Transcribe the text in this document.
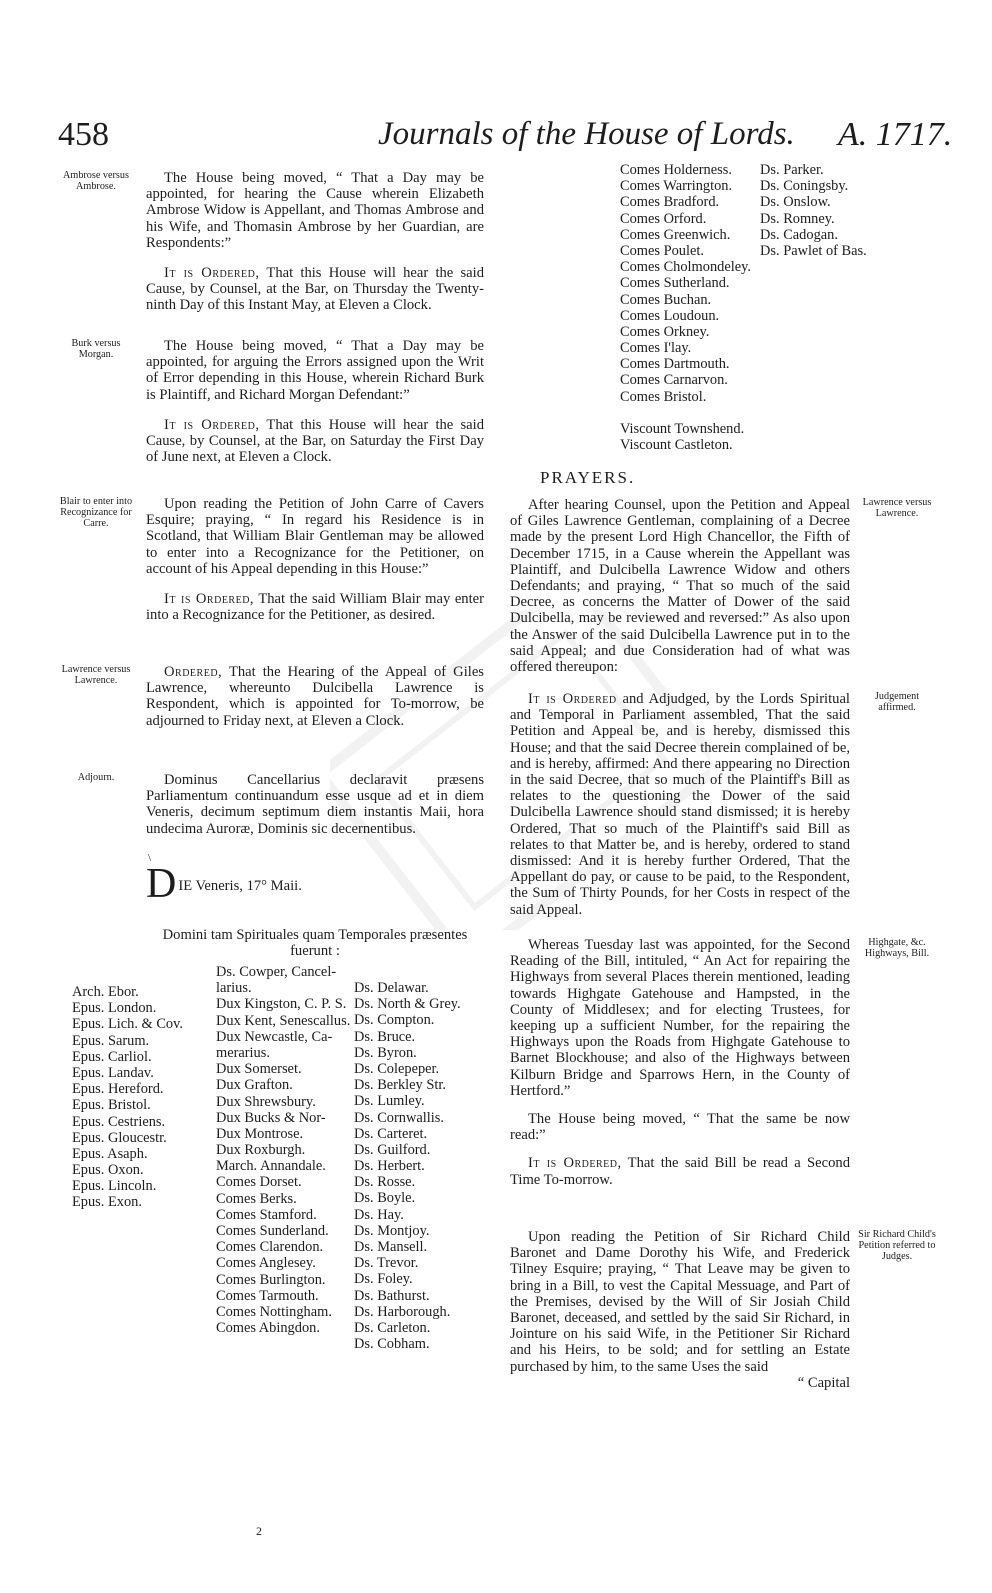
458	Journals of the House of Lords. A. 1717.
Ambrose versus Ambrose.

The House being moved, “ That a Day may be appointed, for hearing the Cause wherein Elizabeth Ambrose Widow is Appellant, and Thomas Ambrose and his Wife, and Thomasin Ambrose by her Guardian, are Respondents:”

It is Ordered, That this House will hear the said Cause, by Counsel, at the Bar, on Thursday the Twenty-ninth Day of this Instant May, at Eleven a Clock.

Burk versus Morgan.

The House being moved, “ That a Day may be appointed, for arguing the Errors assigned upon the Writ of Error depending in this House, wherein Richard Burk is Plaintiff, and Richard Morgan Defendant:”

It is Ordered, That this House will hear the said Cause, by Counsel, at the Bar, on Saturday the First Day of June next, at Eleven a Clock.

Blair to enter into Recognizance for Carre.

Upon reading the Petition of John Carre of Cavers Esquire; praying, “ In regard his Residence is in Scotland, that William Blair Gentleman may be allowed to enter into a Recognizance for the Petitioner, on account of his Appeal depending in this House:”

It is Ordered, That the said William Blair may enter into a Recognizance for the Petitioner, as desired.

Lawrence versus Lawrence.

Ordered, That the Hearing of the Appeal of Giles Lawrence, whereunto Dulcibella Lawrence is Respondent, which is appointed for To-morrow, be adjourned to Friday next, at Eleven a Clock.

Adjourn.	Dominus Cancellarius declaravit præsens Parliamentum continuandum esse usque ad et in diem Veneris, decimum septimum diem instantis Maii, hora undecima Auroræ, Dominis sic decernentibus.

\
D IE Veneris, 17° Maii.
Domini tam Spirituales quam Temporales præsentes fuerunt :
Arch. Ebor.
Epus. London.
Epus. Lich. & Cov.
Epus. Sarum.
Epus. Carliol.
Epus. Landav.
Epus. Hereford.
Epus. Bristol.
Epus. Cestriens.
Epus. Gloucestr.
Epus. Asaph.
Epus. Oxon.
Epus. Lincoln.
Epus. Exon.
Ds. Cowper, Cancel-
larius.
Dux Kingston, C. P. S.
Dux Kent, Senescallus.
Dux Newcastle, Ca-
merarius.
Dux Somerset.
Dux Grafton.
Dux Shrewsbury.
Dux Bucks & Nor-
Dux Montrose.
Dux Roxburgh.
March. Annandale.
Comes Dorset.
Comes Berks.
Comes Stamford.
Comes Sunderland.
Comes Clarendon.
Comes Anglesey.
Comes Burlington.
Comes Tarmouth.
Comes Nottingham.
Comes Abingdon.
Ds. Delawar.
Ds. North & Grey.
Ds. Compton.
Ds. Bruce.
Ds. Byron.
Ds. Colepeper.
Ds. Berkley Str.
Ds. Lumley.
Ds. Cornwallis.
Ds. Carteret.
Ds. Guilford.
Ds. Herbert.
Ds. Rosse.
Ds. Boyle.
Ds. Hay.
Ds. Montjoy.
Ds. Mansell.
Ds. Trevor.
Ds. Foley.
Ds. Bathurst.
Ds. Harborough.
Ds. Carleton.
Ds. Cobham.
2
Comes Holderness.
Comes Warrington.
Comes Bradford.
Comes Orford.
Comes Greenwich.
Comes Poulet.
Comes Cholmondeley.
Comes Sutherland.
Comes Buchan.
Comes Loudoun.
Comes Orkney.
Comes I'lay.
Comes Dartmouth.
Comes Carnarvon.
Comes Bristol.
Viscount Townshend.
Viscount Castleton.
Ds. Parker.
Ds. Coningsby.
Ds. Onslow.
Ds. Romney.
Ds. Cadogan.
Ds. Pawlet of Bas.
PRAYERS.
Lawrence versus Lawrence.

After hearing Counsel, upon the Petition and Appeal of Giles Lawrence Gentleman, complaining of a Decree made by the present Lord High Chancellor, the Fifth of December 1715, in a Cause wherein the Appellant was Plaintiff, and Dulcibella Lawrence Widow and others Defendants; and praying, “ That so much of the said Decree, as concerns the Matter of Dower of the said Dulcibella, may be reviewed and reversed:” As also upon the Answer of the said Dulcibella Lawrence put in to the said Appeal; and due Consideration had of what was offered thereupon:

Judgement affirmed.

It is Ordered and Adjudged, by the Lords Spiritual and Temporal in Parliament assembled, That the said Petition and Appeal be, and is hereby, dismissed this House; and that the said Decree therein complained of be, and is hereby, affirmed: And there appearing no Direction in the said Decree, that so much of the Plaintiff's Bill as relates to the questioning the Dower of the said Dulcibella Lawrence should stand dismissed; it is hereby Ordered, That so much of the Plaintiff's said Bill as relates to that Matter be, and is hereby, ordered to stand dismissed: And it is hereby further Ordered, That the Appellant do pay, or cause to be paid, to the Respondent, the Sum of Thirty Pounds, for her Costs in respect of the said Appeal.

Highgate, &c. Highways, Bill.

Whereas Tuesday last was appointed, for the Second Reading of the Bill, intituled, “ An Act for repairing the Highways from several Places therein mentioned, leading towards Highgate Gatehouse and Hampsted, in the County of Middlesex; and for electing Trustees, for keeping up a sufficient Number, for the repairing the Highways upon the Roads from Highgate Gatehouse to Barnet Blockhouse; and also of the Highways between Kilburn Bridge and Sparrows Hern, in the County of Hertford.”

The House being moved, “ That the same be now read:”

It is Ordered, That the said Bill be read a Second Time To-morrow.

Sir Richard Child's Petition referred to Judges.

Upon reading the Petition of Sir Richard Child Baronet and Dame Dorothy his Wife, and Frederick Tilney Esquire; praying, “ That Leave may be given to bring in a Bill, to vest the Capital Messuage, and Part of the Premises, devised by the Will of Sir Josiah Child Baronet, deceased, and settled by the said Sir Richard, in Jointure on his said Wife, in the Petitioner Sir Richard and his Heirs, to be sold; and for settling an Estate purchased by him, to the same Uses the said

“ Capital
